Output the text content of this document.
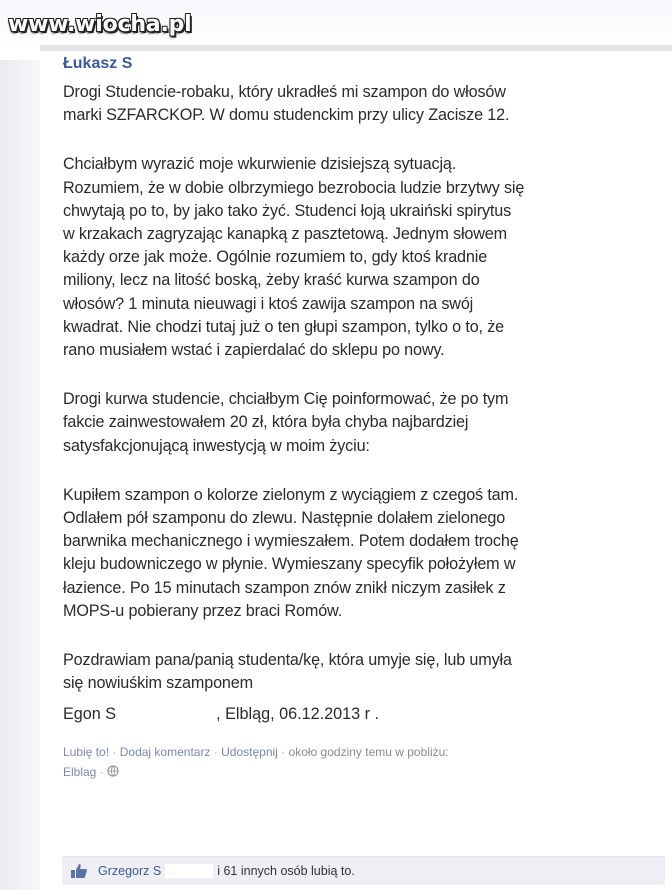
www.wiocha.pl
Łukasz S
Drogi Studencie-robaku, który ukradłeś mi szampon do włosów
marki SZFARCKOP. W domu studenckim przy ulicy Zacisze 12.
Chciałbym wyrazić moje wkurwienie dzisiejszą sytuacją.
Rozumiem, że w dobie olbrzymiego bezrobocia ludzie brzytwy się
chwytają po to, by jako tako żyć. Studenci łoją ukraiński spirytus
w krzakach zagryzając kanapką z pasztetową. Jednym słowem
każdy orze jak może. Ogólnie rozumiem to, gdy ktoś kradnie
miliony, lecz na litość boską, żeby kraść kurwa szampon do
włosów? 1 minuta nieuwagi i ktoś zawija szampon na swój
kwadrat. Nie chodzi tutaj już o ten głupi szampon, tylko o to, że
rano musiałem wstać i zapierdalać do sklepu po nowy.
Drogi kurwa studencie, chciałbym Cię poinformować, że po tym
fakcie zainwestowałem 20 zł, która była chyba najbardziej
satysfakcjonującą inwestycją w moim życiu:
Kupiłem szampon o kolorze zielonym z wyciągiem z czegoś tam.
Odlałem pół szamponu do zlewu. Następnie dolałem zielonego
barwnika mechanicznego i wymieszałem. Potem dodałem trochę
kleju budowniczego w płynie. Wymieszany specyfik położyłem w
łazience. Po 15 minutach szampon znów znikł niczym zasiłek z
MOPS-u pobierany przez braci Romów.
Pozdrawiam pana/panią studenta/kę, która umyje się, lub umyła
się nowiuśkim szamponem
Egon S	, Elbląg, 06.12.2013 r .
Lubię to! · Dodaj komentarz · Udostępnij · około godziny temu w pobliżu:
Elblag ·
Grzegorz S	i 61 innych osób lubią to.
